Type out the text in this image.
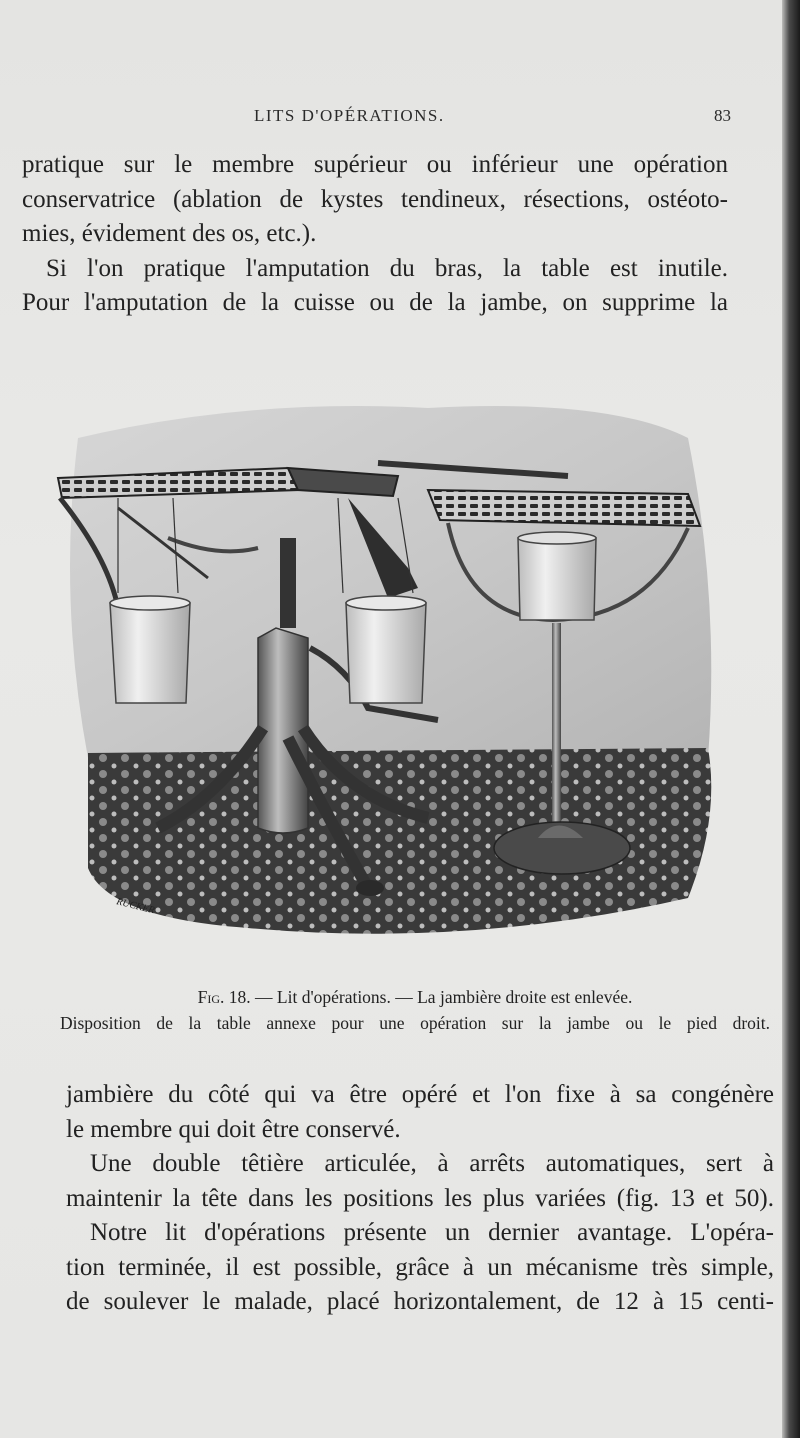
LITS D'OPÉRATIONS.	83
pratique sur le membre supérieur ou inférieur une opération
conservatrice (ablation de kystes tendineux, résections, ostéoto-
mies, évidement des os, etc.).
Si l'on pratique l'amputation du bras, la table est inutile.
Pour l'amputation de la cuisse ou de la jambe, on supprime la
RUCKER
Fig. 18. — Lit d'opérations. — La jambière droite est enlevée.
Disposition de la table annexe pour une opération sur la jambe ou le pied droit.
jambière du côté qui va être opéré et l'on fixe à sa congénère
le membre qui doit être conservé.
Une double têtière articulée, à arrêts automatiques, sert à
maintenir la tête dans les positions les plus variées (fig. 13 et 50).
Notre lit d'opérations présente un dernier avantage. L'opéra-
tion terminée, il est possible, grâce à un mécanisme très simple,
de soulever le malade, placé horizontalement, de 12 à 15 centi-
